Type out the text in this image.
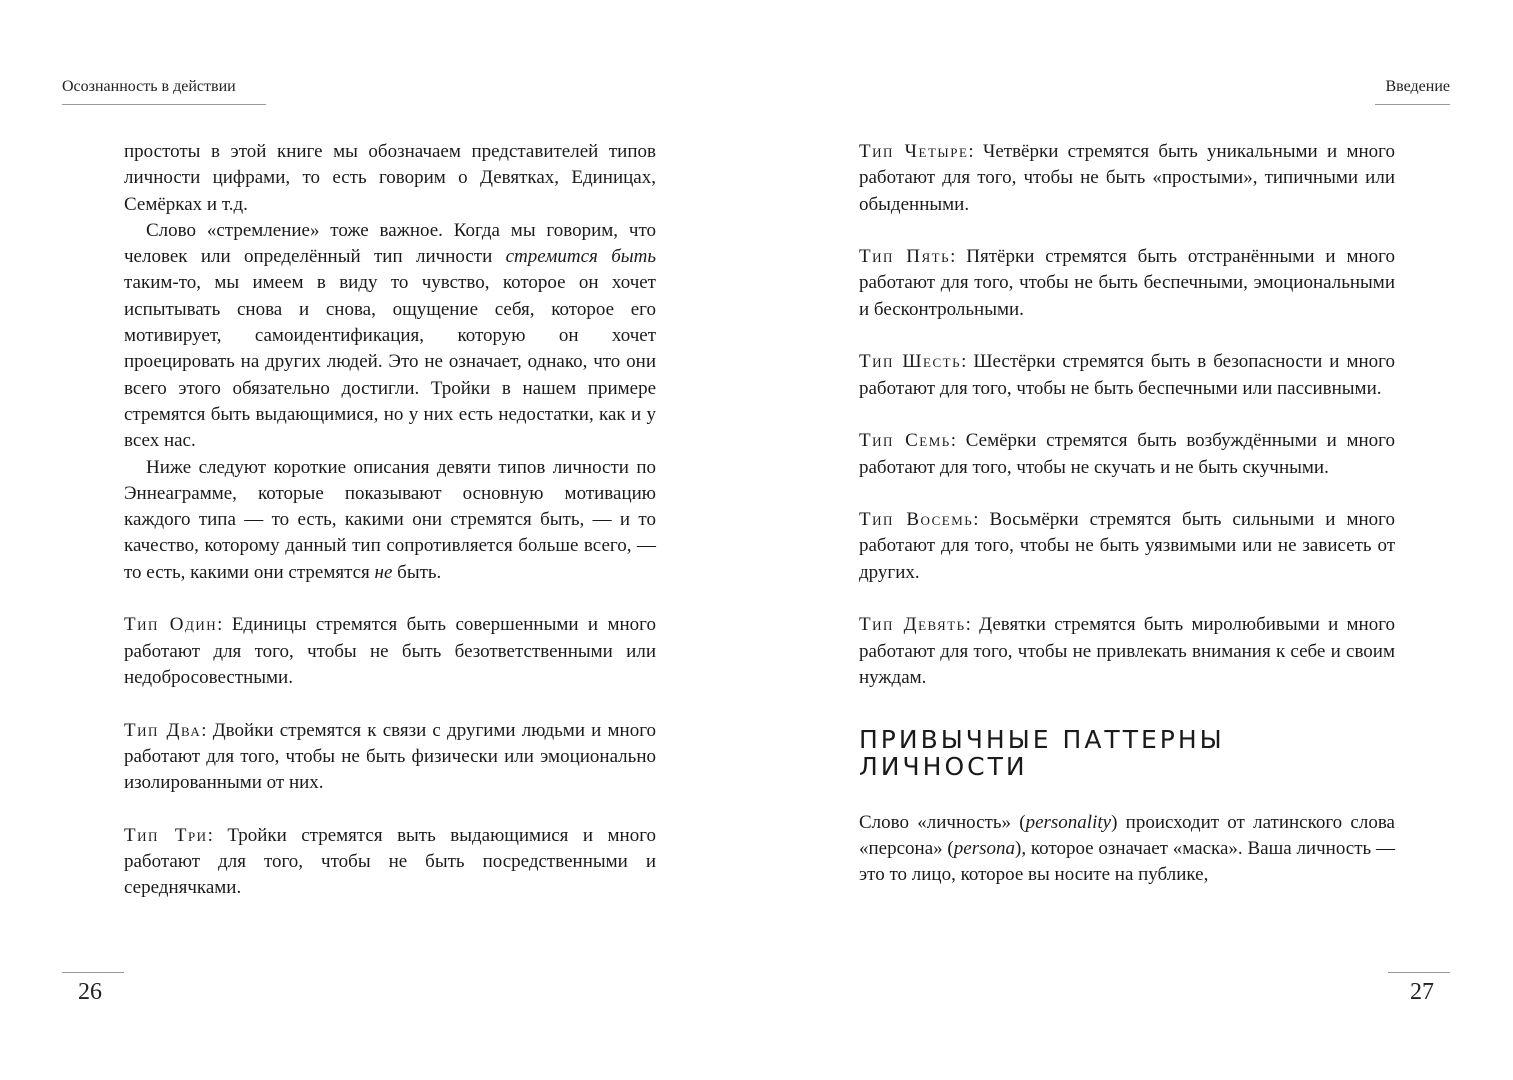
Осознанность в действии

простоты в этой книге мы обозначаем представителей типов личности цифрами, то есть говорим о Девятках, Единицах, Семёрках и т.д.

Слово «стремление» тоже важное. Когда мы говорим, что человек или определённый тип личности стремится быть таким-то, мы имеем в виду то чувство, которое он хочет испытывать снова и снова, ощущение себя, которое его мотивирует, самоидентификация, которую он хочет проецировать на других людей. Это не означает, однако, что они всего этого обязательно достигли. Тройки в нашем примере стремятся быть выдающимися, но у них есть недостатки, как и у всех нас.

Ниже следуют короткие описания девяти типов личности по Эннеаграмме, которые показывают основную мотивацию каждого типа — то есть, какими они стремятся быть, — и то качество, которому данный тип сопротивляется больше всего, — то есть, какими они стремятся не быть.

Тип Один: Единицы стремятся быть совершенными и много работают для того, чтобы не быть безответственными или недобросовестными.

Тип Два: Двойки стремятся к связи с другими людьми и много работают для того, чтобы не быть физически или эмоционально изолированными от них.

Тип Три: Тройки стремятся выть выдающимися и много работают для того, чтобы не быть посредственными и середнячками.

26
Введение

Тип Четыре: Четвёрки стремятся быть уникальными и много работают для того, чтобы не быть «простыми», типичными или обыденными.

Тип Пять: Пятёрки стремятся быть отстранёнными и много работают для того, чтобы не быть беспечными, эмоциональными и бесконтрольными.

Тип Шесть: Шестёрки стремятся быть в безопасности и много работают для того, чтобы не быть беспечными или пассивными.

Тип Семь: Семёрки стремятся быть возбуждёнными и много работают для того, чтобы не скучать и не быть скучными.

Тип Восемь: Восьмёрки стремятся быть сильными и много работают для того, чтобы не быть уязвимыми или не зависеть от других.

Тип Девять: Девятки стремятся быть миролюбивыми и много работают для того, чтобы не привлекать внимания к себе и своим нуждам.

ПРИВЫЧНЫЕ ПАТТЕРНЫ ЛИЧНОСТИ

Слово «личность» (personality) происходит от латинского слова «персона» (persona), которое означает «маска». Ваша личность — это то лицо, которое вы носите на публике,

27
